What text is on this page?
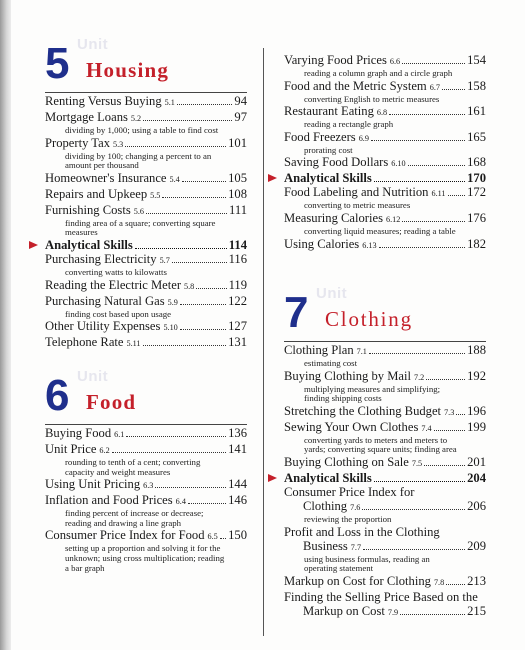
Unit
5 Housing
Renting Versus Buying 5.1	94
Mortgage Loans 5.2	97
dividing by 1,000; using a table to find cost
Property Tax 5.3	101
dividing by 100; changing a percent to an
amount per thousand
Homeowner's Insurance 5.4	105
Repairs and Upkeep 5.5	108
Furnishing Costs 5.6	111
finding area of a square; converting square
measures
Analytical Skills	114
Purchasing Electricity 5.7	116
converting watts to kilowatts
Reading the Electric Meter 5.8	119
Purchasing Natural Gas 5.9	122
finding cost based upon usage
Other Utility Expenses 5.10	127
Telephone Rate 5.11	131
Unit
6 Food
Buying Food 6.1	136
Unit Price 6.2	141
rounding to tenth of a cent; converting
capacity and weight measures
Using Unit Pricing 6.3	144
Inflation and Food Prices 6.4	146
finding percent of increase or decrease;
reading and drawing a line graph
Consumer Price Index for Food 6.5 150
setting up a proportion and solving it for the
unknown; using cross multiplication; reading
a bar graph
Unit
7 Clothing
Clothing Plan 7.1	188
estimating cost
Buying Clothing by Mail 7.2	192
multiplying measures and simplifying;
finding shipping costs
Stretching the Clothing Budget 7.3 196
Sewing Your Own Clothes 7.4	199
converting yards to meters and meters to
yards; converting square units; finding area
Buying Clothing on Sale 7.5	201
Analytical Skills	204
Consumer Price Index for
Clothing 7.6	206
reviewing the proportion
Profit and Loss in the Clothing
Business 7.7	209
using business formulas, reading an
operating statement
Markup on Cost for Clothing 7.8 213
Finding the Selling Price Based on the
Markup on Cost 7.9	215
Varying Food Prices 6.6	154
reading a column graph and a circle graph
Food and the Metric System 6.7 158
converting English to metric measures
Restaurant Eating 6.8	161
reading a rectangle graph
Food Freezers 6.9	165
prorating cost
Saving Food Dollars 6.10	168
Analytical Skills	170
Food Labeling and Nutrition 6.11 172
converting to metric measures
Measuring Calories 6.12	176
converting liquid measures; reading a table
Using Calories 6.13	182
